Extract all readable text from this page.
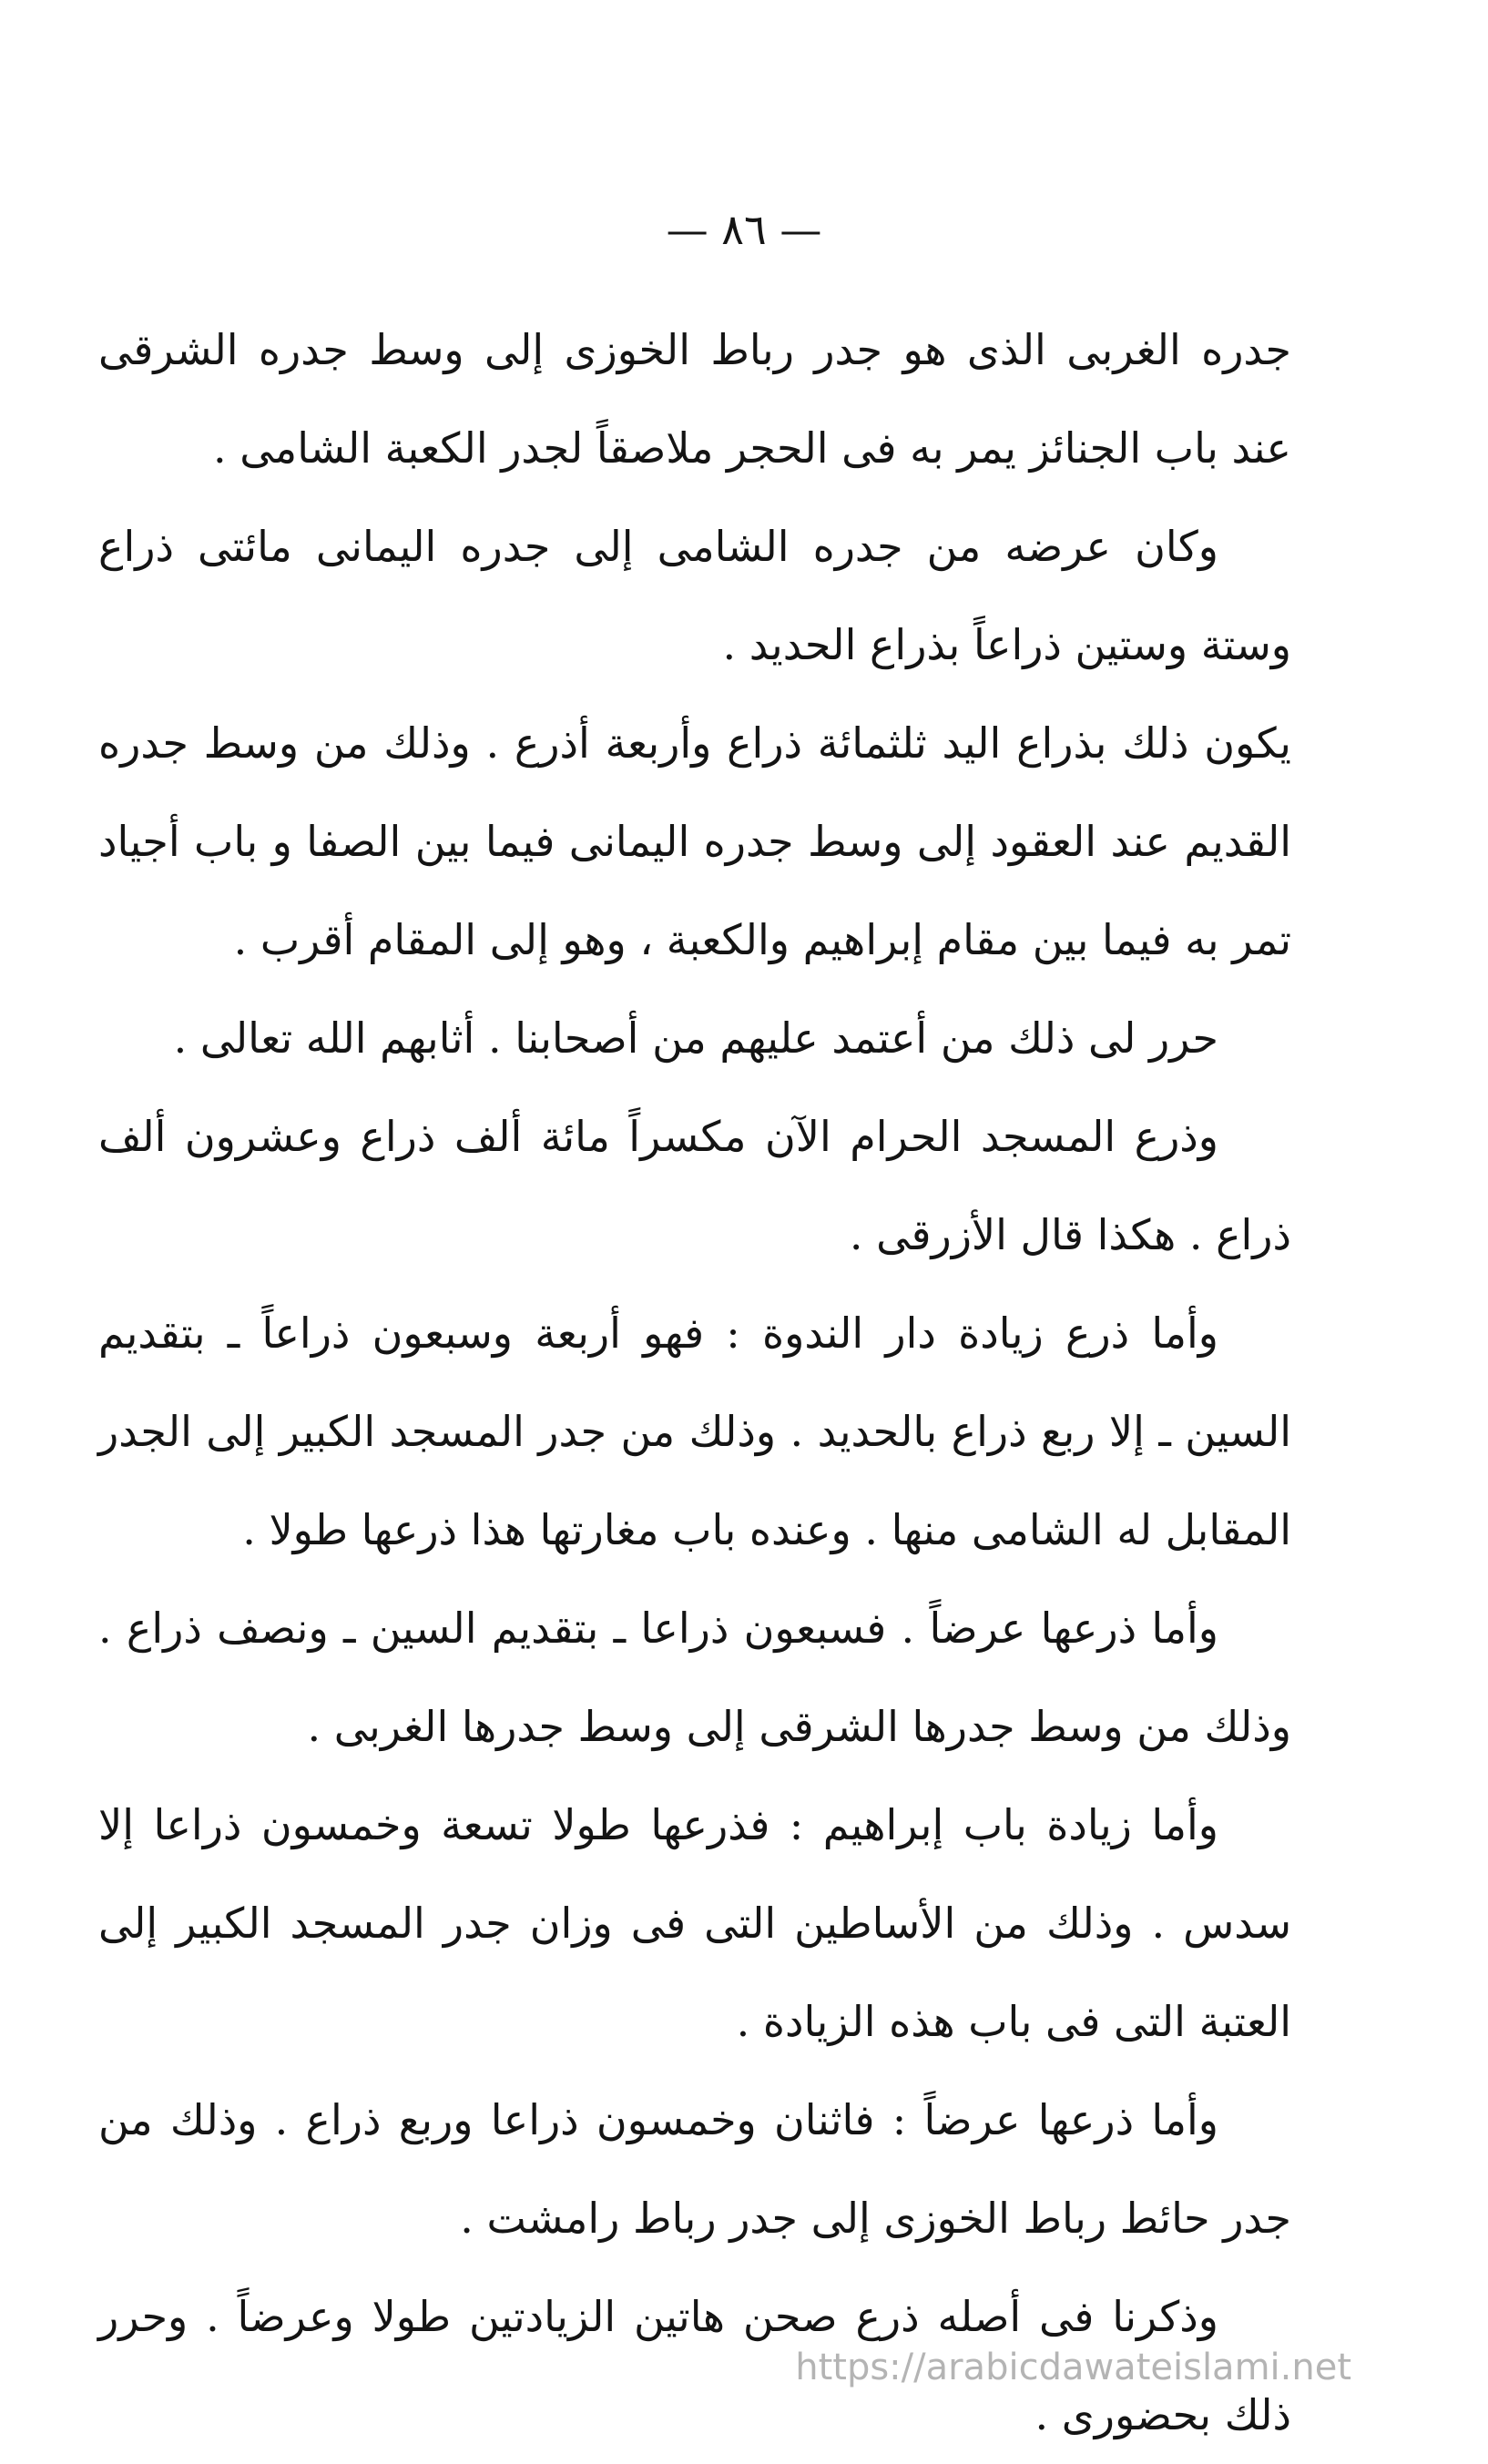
— ٨٦ —

جدره الغربى الذى هو جدر رباط الخوزى إلى وسط جدره الشرقى عند باب الجنائز يمر به فى الحجر ملاصقاً لجدر الكعبة الشامى .

وكان عرضه من جدره الشامى إلى جدره اليمانى مائتى ذراع وستة وستين ذراعاً بذراع الحديد .

يكون ذلك بذراع اليد ثلثمائة ذراع وأربعة أذرع . وذلك من وسط جدره القديم عند العقود إلى وسط جدره اليمانى فيما بين الصفا و باب أجياد تمر به فيما بين مقام إبراهيم والكعبة ، وهو إلى المقام أقرب .

حرر لى ذلك من أعتمد عليهم من أصحابنا . أثابهم الله تعالى .

وذرع المسجد الحرام الآن مكسراً مائة ألف ذراع وعشرون ألف ذراع . هكذا قال الأزرقى .

وأما ذرع زيادة دار الندوة : فهو أربعة وسبعون ذراعاً ـ بتقديم السين ـ إلا ربع ذراع بالحديد . وذلك من جدر المسجد الكبير إلى الجدر المقابل له الشامى منها . وعنده باب مغارتها هذا ذرعها طولا .

وأما ذرعها عرضاً . فسبعون ذراعا ـ بتقديم السين ـ ونصف ذراع . وذلك من وسط جدرها الشرقى إلى وسط جدرها الغربى .

وأما زيادة باب إبراهيم : فذرعها طولا تسعة وخمسون ذراعا إلا سدس . وذلك من الأساطين التى فى وزان جدر المسجد الكبير إلى العتبة التى فى باب هذه الزيادة .

وأما ذرعها عرضاً : فاثنان وخمسون ذراعا وربع ذراع . وذلك من جدر حائط رباط الخوزى إلى جدر رباط رامشت .

وذكرنا فى أصله ذرع صحن هاتين الزيادتين طولا وعرضاً . وحرر ذلك بحضورى .

https://arabicdawateislami.net
